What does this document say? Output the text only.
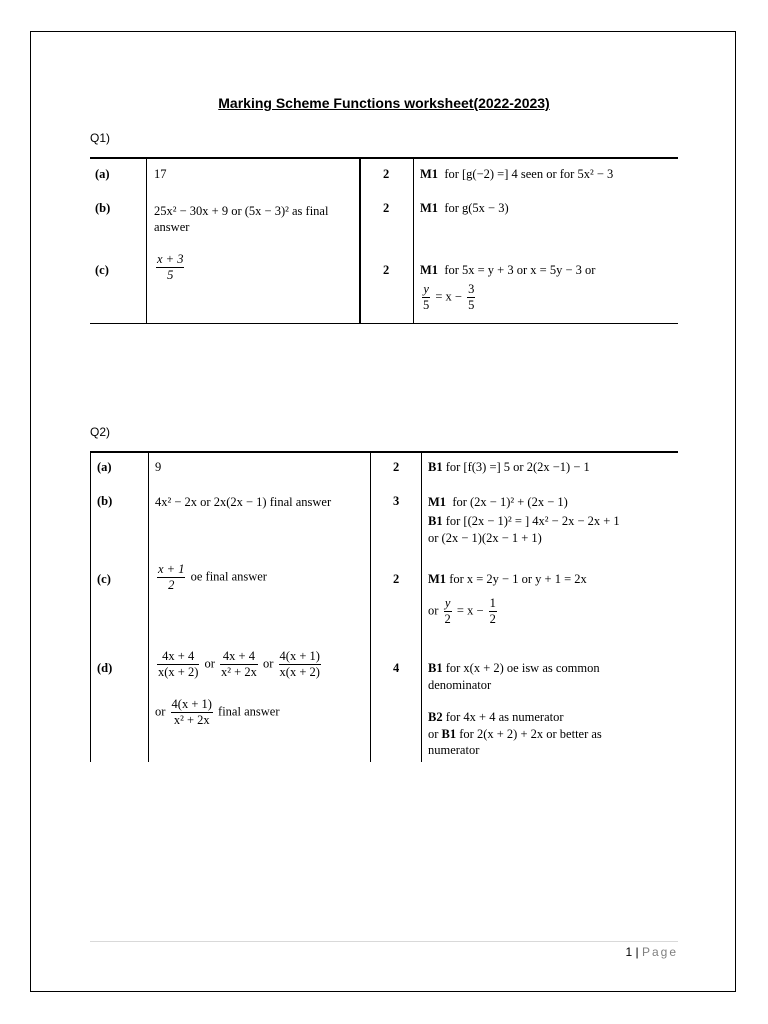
Marking Scheme Functions worksheet(2022-2023)
Q1)
(a)	17	2 M1 for [g(−2) =] 4 seen or for 5x² − 3
(b)	25x² − 30x + 9 or (5x − 3)² as final
answer
2 M1 for g(5x − 3)
(c)	$\frac{x + 3}{5}$	2 M1 for 5x = y + 3 or x = 5y − 3 or
$\frac{y}{5} = x - \frac{3}{5}$
Q2)
(a)	9	2 B1 for [f(3) =] 5 or 2(2x −1) − 1
(b)	4x² − 2x or 2x(2x − 1) final answer	3 M1 for (2x − 1)² + (2x − 1)
B1 for [(2x − 1)² = ] 4x² − 2x − 2x + 1
or (2x − 1)(2x − 1 + 1)
(c)	$\frac{x + 1}{2}$ oe final answer	2 M1 for x = 2y − 1 or y + 1 = 2x
or $\frac{y}{2} = x - \frac{1}{2}$
(d)	$\frac{4x + 4}{x(x + 2)}$ or $\frac{4x + 4}{\text{x² + 2x}}$ or $\frac{4(x + 1)}{x(x + 2)}$
or $\frac{4(x + 1)}{\text{x² + 2x}}$ final answer
4 B1 for x(x + 2) oe isw as common
denominator
B2 for 4x + 4 as numerator
or B1 for 2(x + 2) + 2x or better as
numerator
1 | Page
